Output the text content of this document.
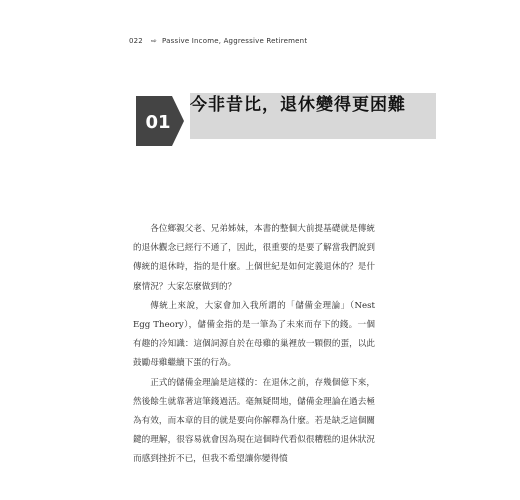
022 ⇨ Passive Income, Aggressive Retirement
01
今非昔比，退休變得更困難

各位鄉親父老、兄弟姊妹，本書的整個大前提基礎就是傳統的退休觀念已經行不通了，因此，很重要的是要了解當我們說到傳統的退休時，指的是什麼。上個世紀是如何定義退休的？是什麼情況？大家怎麼做到的？

傳統上來說，大家會加入我所謂的「儲備金理論」（Nest Egg Theory），儲備金指的是一筆為了未來而存下的錢。一個有趣的冷知識：這個詞源自於在母雞的巢裡放一顆假的蛋，以此鼓勵母雞繼續下蛋的行為。

正式的儲備金理論是這樣的：在退休之前，存幾個億下來，然後餘生就靠著這筆錢過活。毫無疑問地，儲備金理論在過去極為有效，而本章的目的就是要向你解釋為什麼。若是缺乏這個關鍵的理解，很容易就會因為現在這個時代看似很糟糕的退休狀況而感到挫折不已，但我不希望讓你變得憤
